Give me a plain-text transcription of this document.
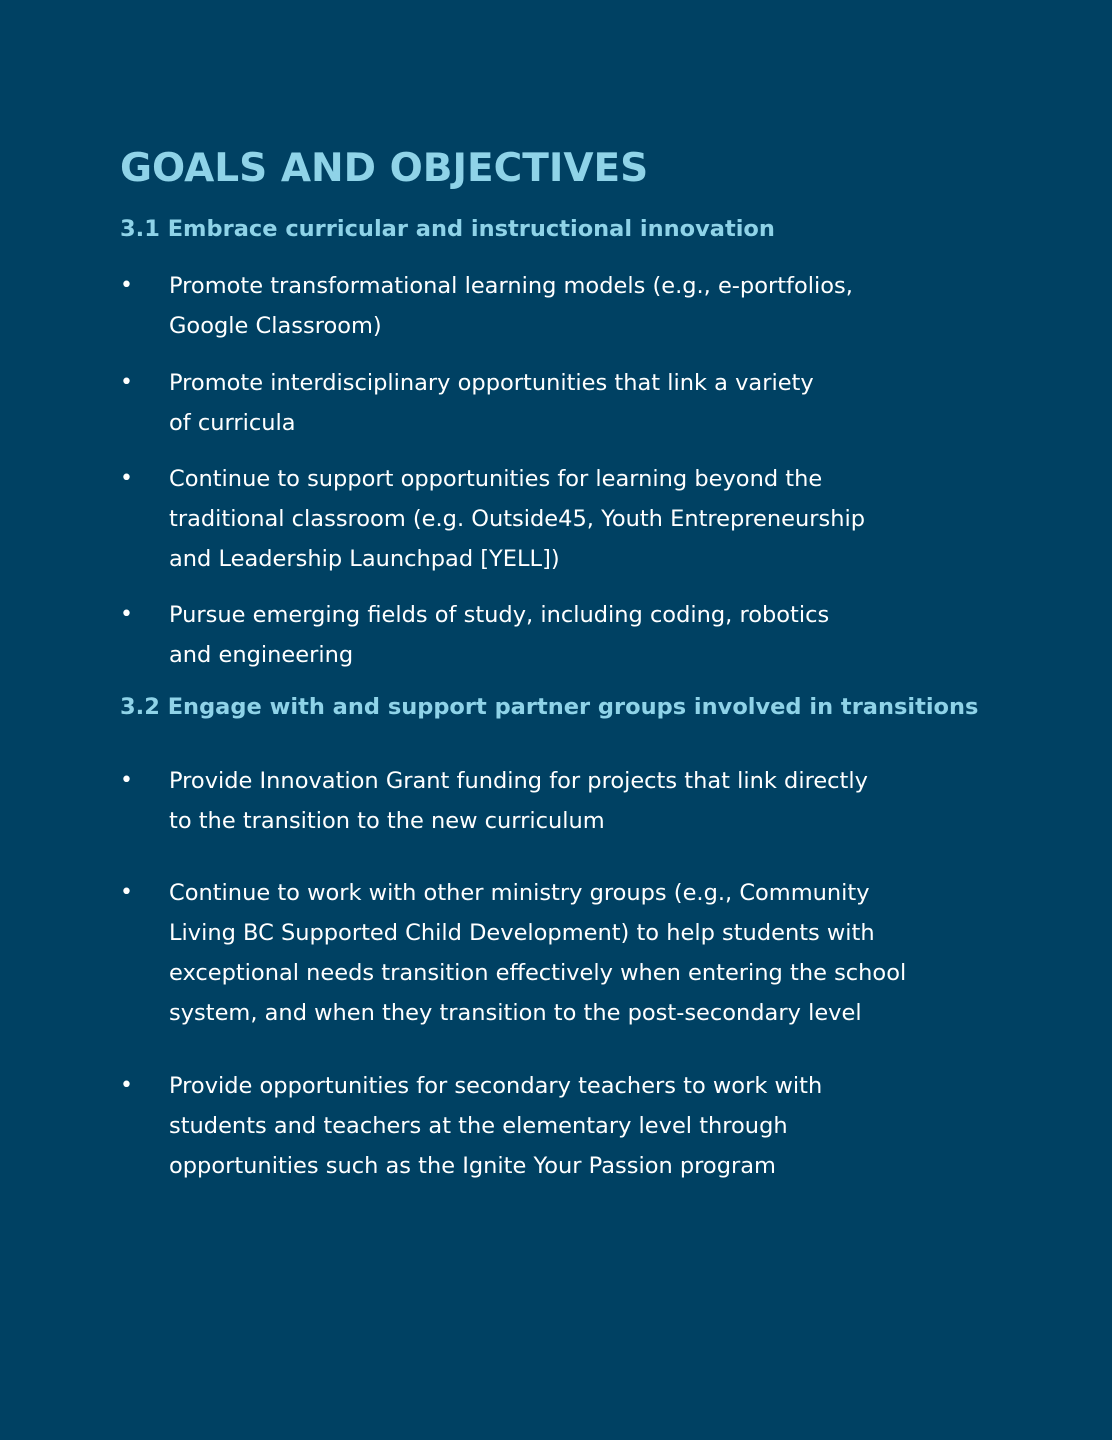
GOALS AND OBJECTIVES
3.1 Embrace curricular and instructional innovation
•	Promote transformational learning models (e.g., e-portfolios,
Google Classroom)
•	Promote interdisciplinary opportunities that link a variety
of curricula
•	Continue to support opportunities for learning beyond the
traditional classroom (e.g. Outside45, Youth Entrepreneurship
and Leadership Launchpad [YELL])
•	Pursue emerging fields of study, including coding, robotics
and engineering
3.2 Engage with and support partner groups involved in transitions
•	Provide Innovation Grant funding for projects that link directly
to the transition to the new curriculum
•	Continue to work with other ministry groups (e.g., Community
Living BC Supported Child Development) to help students with
exceptional needs transition effectively when entering the school
system, and when they transition to the post-secondary level
•	Provide opportunities for secondary teachers to work with
students and teachers at the elementary level through
opportunities such as the Ignite Your Passion program
